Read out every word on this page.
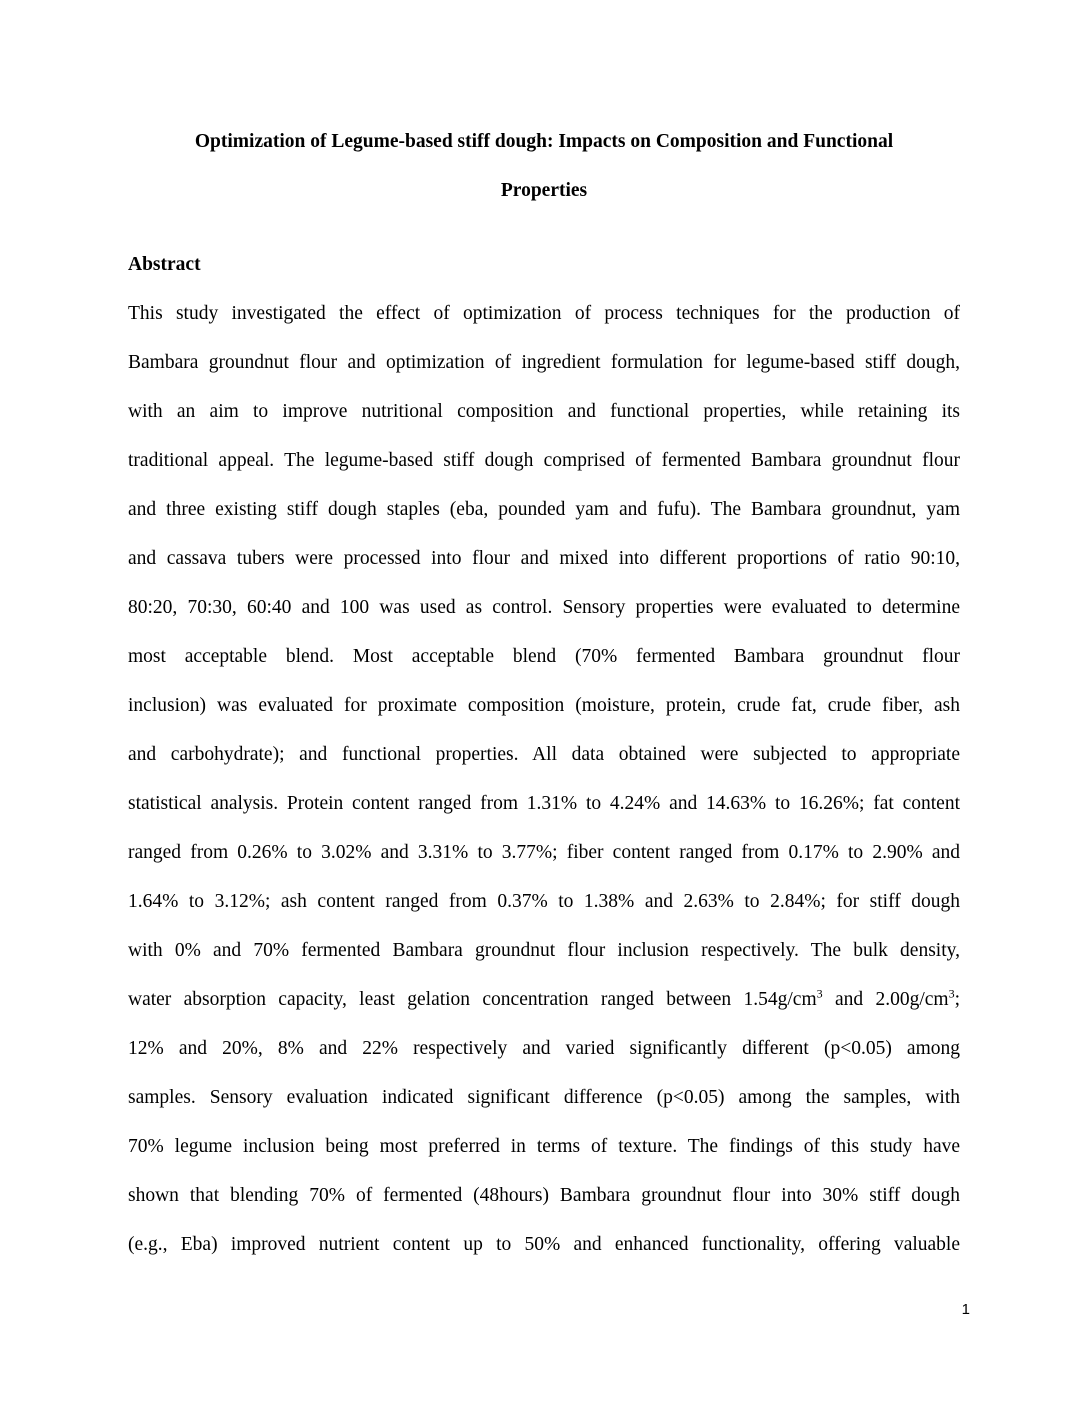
Optimization of Legume-based stiff dough: Impacts on Composition and Functional
Properties
Abstract
This study investigated the effect of optimization of process techniques for the production of
Bambara groundnut flour and optimization of ingredient formulation for legume-based stiff dough,
with an aim to improve nutritional composition and functional properties, while retaining its
traditional appeal. The legume-based stiff dough comprised of fermented Bambara groundnut flour
and three existing stiff dough staples (eba, pounded yam and fufu). The Bambara groundnut, yam
and cassava tubers were processed into flour and mixed into different proportions of ratio 90:10,
80:20, 70:30, 60:40 and 100 was used as control. Sensory properties were evaluated to determine
most acceptable blend. Most acceptable blend (70% fermented Bambara groundnut flour
inclusion) was evaluated for proximate composition (moisture, protein, crude fat, crude fiber, ash
and carbohydrate); and functional properties. All data obtained were subjected to appropriate
statistical analysis. Protein content ranged from 1.31% to 4.24% and 14.63% to 16.26%; fat content
ranged from 0.26% to 3.02% and 3.31% to 3.77%; fiber content ranged from 0.17% to 2.90% and
1.64% to 3.12%; ash content ranged from 0.37% to 1.38% and 2.63% to 2.84%; for stiff dough
with 0% and 70% fermented Bambara groundnut flour inclusion respectively. The bulk density,
water absorption capacity, least gelation concentration ranged between $1.54g/cm^3$ and $2.00g/cm^3$;
12% and 20%, 8% and 22% respectively and varied significantly different (p<0.05) among
samples. Sensory evaluation indicated significant difference (p<0.05) among the samples, with
70% legume inclusion being most preferred in terms of texture. The findings of this study have
shown that blending 70% of fermented (48hours) Bambara groundnut flour into 30% stiff dough
(e.g., Eba) improved nutrient content up to 50% and enhanced functionality, offering valuable
1
